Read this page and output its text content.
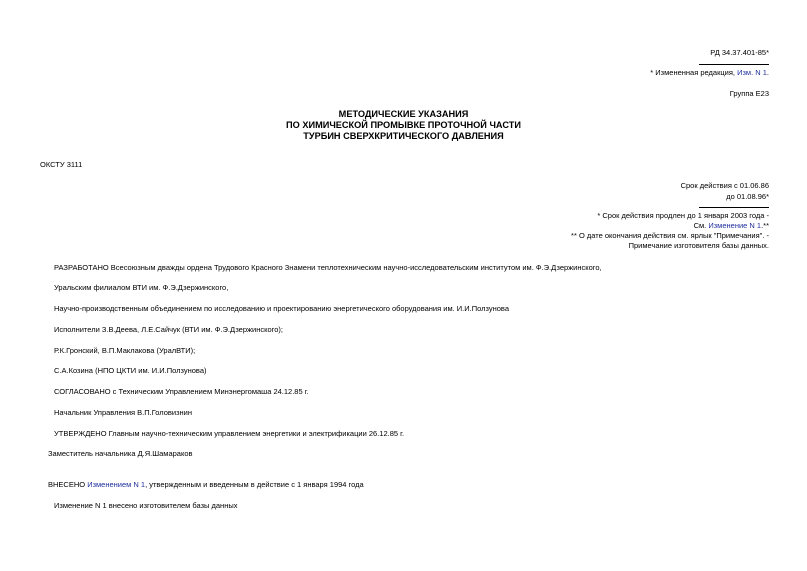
РД 34.37.401-85*
* Измененная редакция, Изм. N 1.
Группа Е23
МЕТОДИЧЕСКИЕ УКАЗАНИЯ
ПО ХИМИЧЕСКОЙ ПРОМЫВКЕ ПРОТОЧНОЙ ЧАСТИ
ТУРБИН СВЕРХКРИТИЧЕСКОГО ДАВЛЕНИЯ
ОКСТУ 3111
Срок действия с 01.06.86
до 01.08.96*
* Срок действия продлен до 1 января 2003 года -
См. Изменение N 1.**
** О дате окончания действия см. ярлык "Примечания". -
Примечание изготовителя базы данных.
РАЗРАБОТАНО Всесоюзным дважды ордена Трудового Красного Знамени теплотехническим научно-исследовательским институтом им. Ф.Э.Дзержинского,
Уральским филиалом ВТИ им. Ф.Э.Дзержинского,
Научно-производственным объединением по исследованию и проектированию энергетического оборудования им. И.И.Ползунова
Исполнители З.В.Деева, Л.Е.Сайчук (ВТИ им. Ф.Э.Дзержинского);
Р.К.Гронский, В.П.Маклакова (УралВТИ);
С.А.Козина (НПО ЦКТИ им. И.И.Ползунова)
СОГЛАСОВАНО с Техническим Управлением Минэнергомаша 24.12.85 г.
Начальник Управления В.П.Головизнин
УТВЕРЖДЕНО Главным научно-техническим управлением энергетики и электрификации 26.12.85 г.
Заместитель начальника Д.Я.Шамараков
ВНЕСЕНО Изменением N 1, утвержденным и введенным в действие с 1 января 1994 года
Изменение N 1 внесено изготовителем базы данных
